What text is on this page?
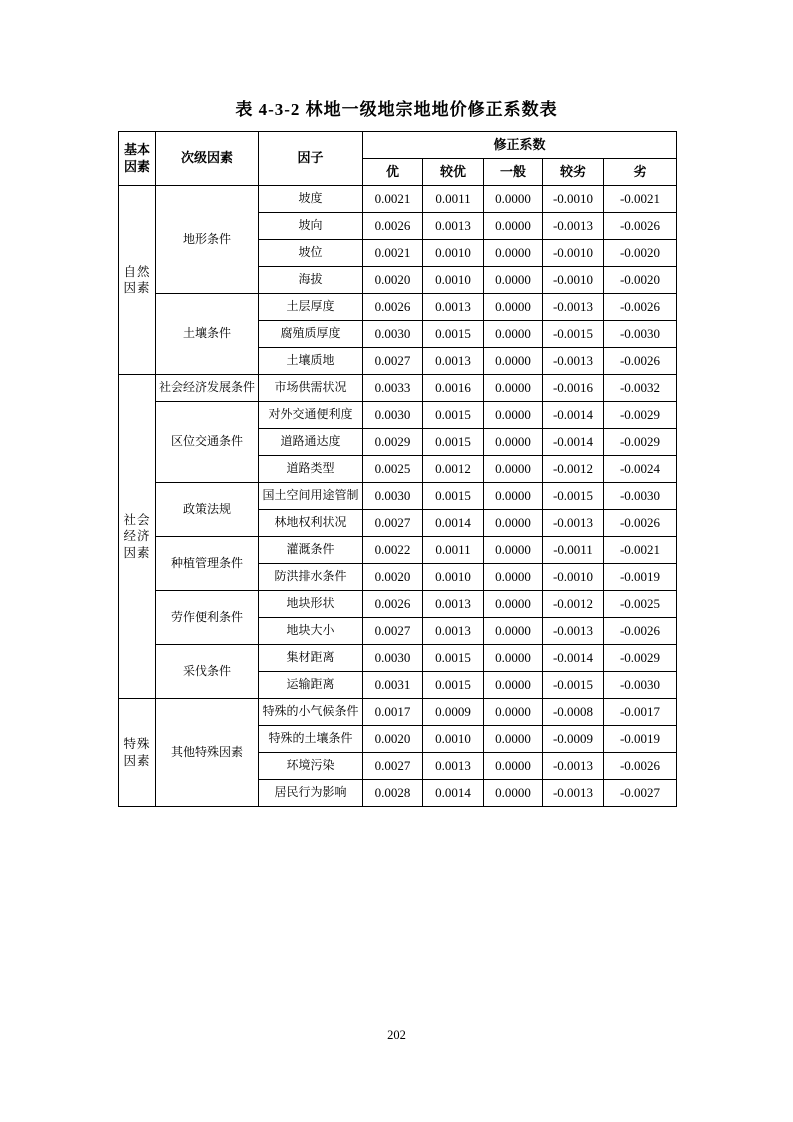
表 4-3-2 林地一级地宗地地价修正系数表
基本因素	次级因素	因子	修正系数				
			优	较优	一般	较劣	劣
自然因素	地形条件	坡度	0.0021	0.0011	0.0000	-0.0010	-0.0021
		坡向	0.0026	0.0013	0.0000	-0.0013	-0.0026
		坡位	0.0021	0.0010	0.0000	-0.0010	-0.0020
		海拔	0.0020	0.0010	0.0000	-0.0010	-0.0020
	土壤条件	土层厚度	0.0026	0.0013	0.0000	-0.0013	-0.0026
		腐殖质厚度	0.0030	0.0015	0.0000	-0.0015	-0.0030
		土壤质地	0.0027	0.0013	0.0000	-0.0013	-0.0026
社会经济因素	社会经济发展条件	市场供需状况	0.0033	0.0016	0.0000	-0.0016	-0.0032
	区位交通条件	对外交通便利度	0.0030	0.0015	0.0000	-0.0014	-0.0029
		道路通达度	0.0029	0.0015	0.0000	-0.0014	-0.0029
		道路类型	0.0025	0.0012	0.0000	-0.0012	-0.0024
	政策法规	国土空间用途管制	0.0030	0.0015	0.0000	-0.0015	-0.0030
		林地权利状况	0.0027	0.0014	0.0000	-0.0013	-0.0026
	种植管理条件	灌溉条件	0.0022	0.0011	0.0000	-0.0011	-0.0021
		防洪排水条件	0.0020	0.0010	0.0000	-0.0010	-0.0019
	劳作便利条件	地块形状	0.0026	0.0013	0.0000	-0.0012	-0.0025
		地块大小	0.0027	0.0013	0.0000	-0.0013	-0.0026
	采伐条件	集材距离	0.0030	0.0015	0.0000	-0.0014	-0.0029
		运输距离	0.0031	0.0015	0.0000	-0.0015	-0.0030
特殊因素	其他特殊因素	特殊的小气候条件	0.0017	0.0009	0.0000	-0.0008	-0.0017
		特殊的土壤条件	0.0020	0.0010	0.0000	-0.0009	-0.0019
		环境污染	0.0027	0.0013	0.0000	-0.0013	-0.0026
		居民行为影响	0.0028	0.0014	0.0000	-0.0013	-0.0027
202
